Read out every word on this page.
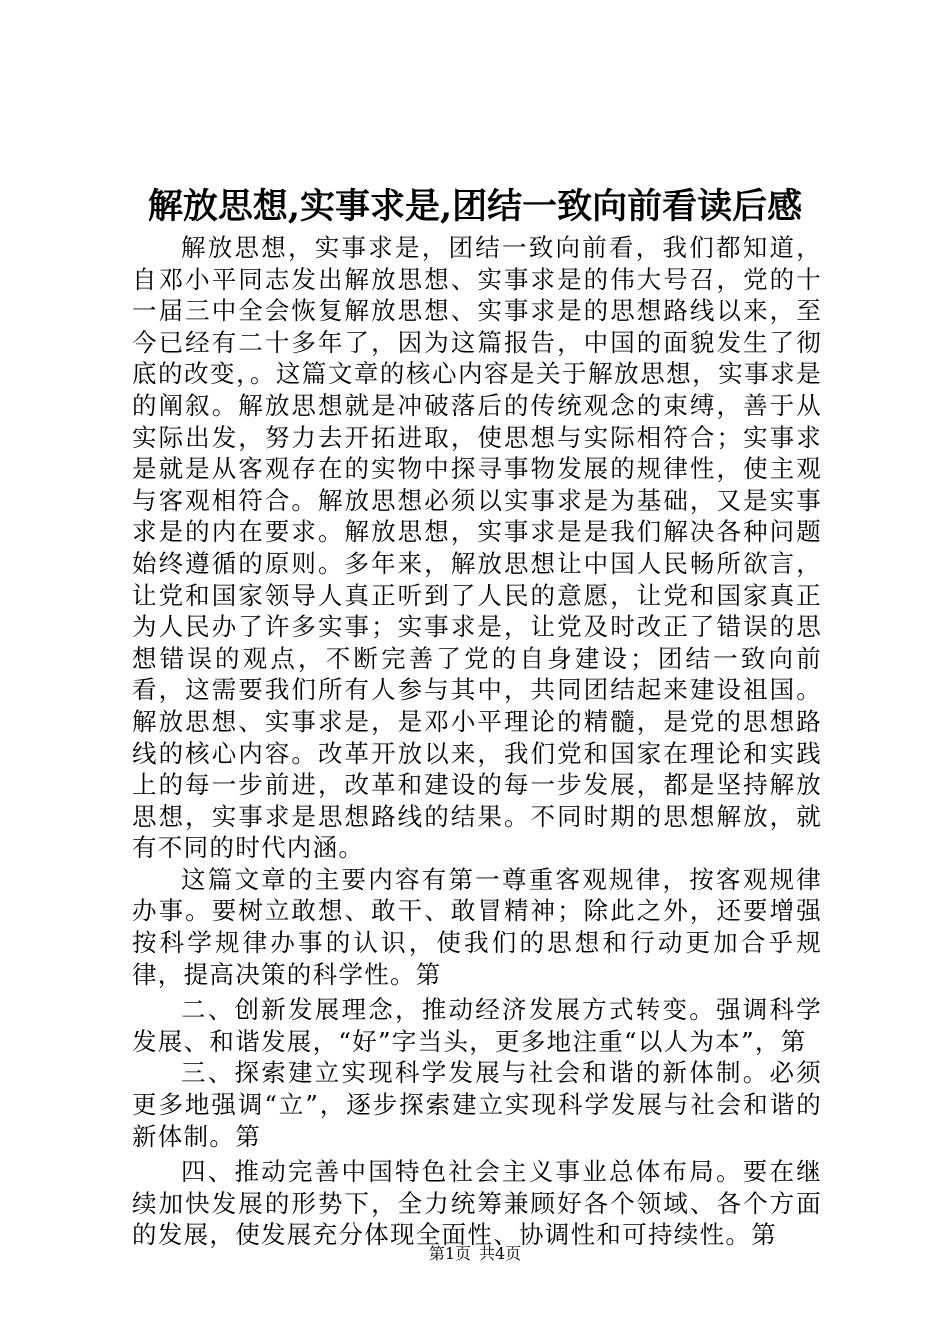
解放思想,实事求是,团结一致向前看读后感

解放思想，实事求是，团结一致向前看，我们都知道，自邓小平同志发出解放思想、实事求是的伟大号召，党的十一届三中全会恢复解放思想、实事求是的思想路线以来，至今已经有二十多年了，因为这篇报告，中国的面貌发生了彻底的改变，。这篇文章的核心内容是关于解放思想，实事求是的阐叙。解放思想就是冲破落后的传统观念的束缚，善于从实际出发，努力去开拓进取，使思想与实际相符合；实事求是就是从客观存在的实物中探寻事物发展的规律性，使主观与客观相符合。解放思想必须以实事求是为基础，又是实事求是的内在要求。解放思想，实事求是是我们解决各种问题始终遵循的原则。多年来，解放思想让中国人民畅所欲言，让党和国家领导人真正听到了人民的意愿，让党和国家真正为人民办了许多实事；实事求是，让党及时改正了错误的思想错误的观点，不断完善了党的自身建设；团结一致向前看，这需要我们所有人参与其中，共同团结起来建设祖国。解放思想、实事求是，是邓小平理论的精髓，是党的思想路线的核心内容。改革开放以来，我们党和国家在理论和实践上的每一步前进，改革和建设的每一步发展，都是坚持解放思想，实事求是思想路线的结果。不同时期的思想解放，就有不同的时代内涵。

这篇文章的主要内容有第一尊重客观规律，按客观规律办事。要树立敢想、敢干、敢冒精神；除此之外，还要增强按科学规律办事的认识，使我们的思想和行动更加合乎规律，提高决策的科学性。第

二、创新发展理念，推动经济发展方式转变。强调科学发展、和谐发展，“好”字当头，更多地注重“以人为本”，第

三、探索建立实现科学发展与社会和谐的新体制。必须更多地强调“立”，逐步探索建立实现科学发展与社会和谐的新体制。第

四、推动完善中国特色社会主义事业总体布局。要在继续加快发展的形势下，全力统筹兼顾好各个领域、各个方面的发展，使发展充分体现全面性、协调性和可持续性。第

第1页 共4页
